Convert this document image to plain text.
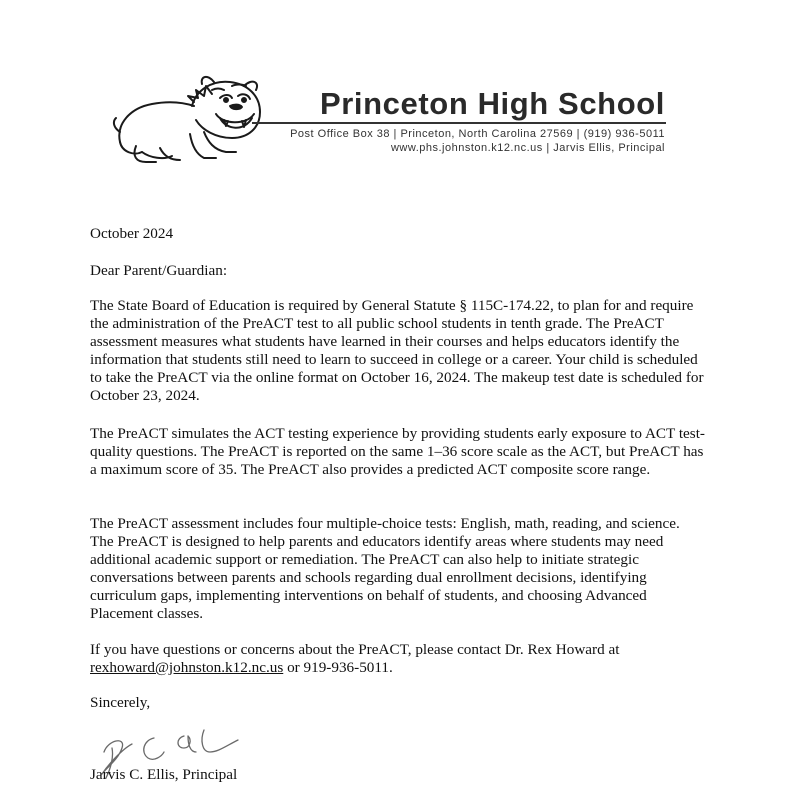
Princeton High School
Post Office Box 38 | Princeton, North Carolina 27569 | (919) 936-5011
www.phs.johnston.k12.nc.us | Jarvis Ellis, Principal
October 2024
Dear Parent/Guardian:
The State Board of Education is required by General Statute § 115C-174.22, to plan for and require the administration of the PreACT test to all public school students in tenth grade. The PreACT assessment measures what students have learned in their courses and helps educators identify the information that students still need to learn to succeed in college or a career. Your child is scheduled to take the PreACT via the online format on October 16, 2024. The makeup test date is scheduled for October 23, 2024.
The PreACT simulates the ACT testing experience by providing students early exposure to ACT test-quality questions. The PreACT is reported on the same 1–36 score scale as the ACT, but PreACT has a maximum score of 35. The PreACT also provides a predicted ACT composite score range.
The PreACT assessment includes four multiple-choice tests: English, math, reading, and science. The PreACT is designed to help parents and educators identify areas where students may need additional academic support or remediation. The PreACT can also help to initiate strategic conversations between parents and schools regarding dual enrollment decisions, identifying curriculum gaps, implementing interventions on behalf of students, and choosing Advanced Placement classes.
If you have questions or concerns about the PreACT, please contact Dr. Rex Howard at rexhoward@johnston.k12.nc.us or 919-936-5011.
Sincerely,
Jarvis C. Ellis, Principal
